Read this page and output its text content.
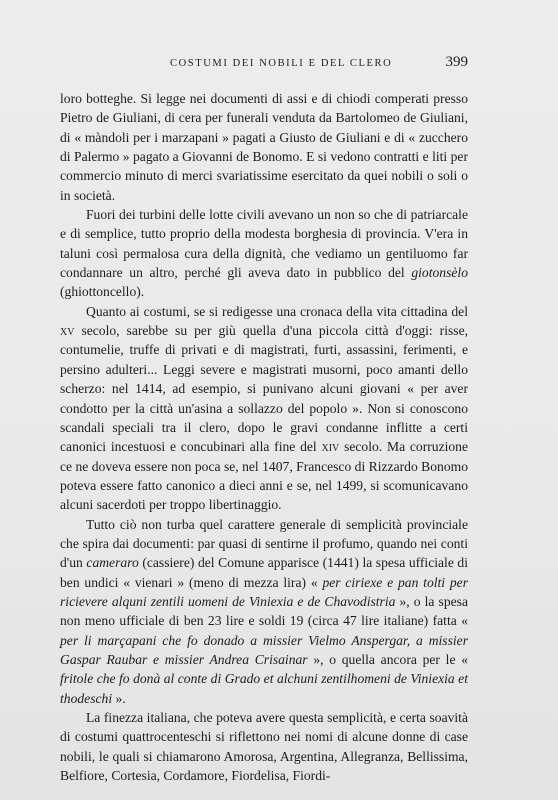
COSTUMI DEI NOBILI E DEL CLERO	399

loro botteghe. Si legge nei documenti di assi e di chiodi comperati presso Pietro de Giuliani, di cera per funerali venduta da Bartolomeo de Giuliani, di « màndoli per i marzapani » pagati a Giusto de Giuliani e di « zucchero di Palermo » pagato a Giovanni de Bonomo. E si vedono contratti e liti per commercio minuto di merci svariatissime esercitato da quei nobili o soli o in società.

Fuori dei turbini delle lotte civili avevano un non so che di patriarcale e di semplice, tutto proprio della modesta borghesia di provincia. V'era in taluni così permalosa cura della dignità, che vediamo un gentiluomo far condannare un altro, perché gli aveva dato in pubblico del giotonsèlo (ghiottoncello).

Quanto ai costumi, se si redigesse una cronaca della vita cittadina del xv secolo, sarebbe su per giù quella d'una piccola città d'oggi: risse, contumelie, truffe di privati e di magistrati, furti, assassini, ferimenti, e persino adulteri... Leggi severe e magistrati musorni, poco amanti dello scherzo: nel 1414, ad esempio, si punivano alcuni giovani « per aver condotto per la città un'asina a sollazzo del popolo ». Non si conoscono scandali speciali tra il clero, dopo le gravi condanne inflitte a certi canonici incestuosi e concubinari alla fine del xiv secolo. Ma corruzione ce ne doveva essere non poca se, nel 1407, Francesco di Rizzardo Bonomo poteva essere fatto canonico a dieci anni e se, nel 1499, si scomunicavano alcuni sacerdoti per troppo libertinaggio.

Tutto ciò non turba quel carattere generale di semplicità provinciale che spira dai documenti: par quasi di sentirne il profumo, quando nei conti d'un cameraro (cassiere) del Comune apparisce (1441) la spesa ufficiale di ben undici « vienari » (meno di mezza lira) « per cirieхе e pan tolti per ricievere alquni zentili uomeni de Viniexia e de Chavodistria », o la spesa non meno ufficiale di ben 23 lire e soldi 19 (circa 47 lire italiane) fatta « per li marçapani che fo donado a missier Vielmo Anspergar, a missier Gaspar Raubar e missier Andrea Crisainar », o quella ancora per le « fritole che fo donà al conte di Grado et alchuni zentilhomeni de Viniexia et thodeschi ».

La finezza italiana, che poteva avere questa semplicità, e certa soavità di costumi quattrocenteschi si riflettono nei nomi di alcune donne di case nobili, le quali si chiamarono Amorosa, Argentina, Allegranza, Bellissima, Belfiore, Cortesia, Cordamore, Fiordelisa, Fiordi-
